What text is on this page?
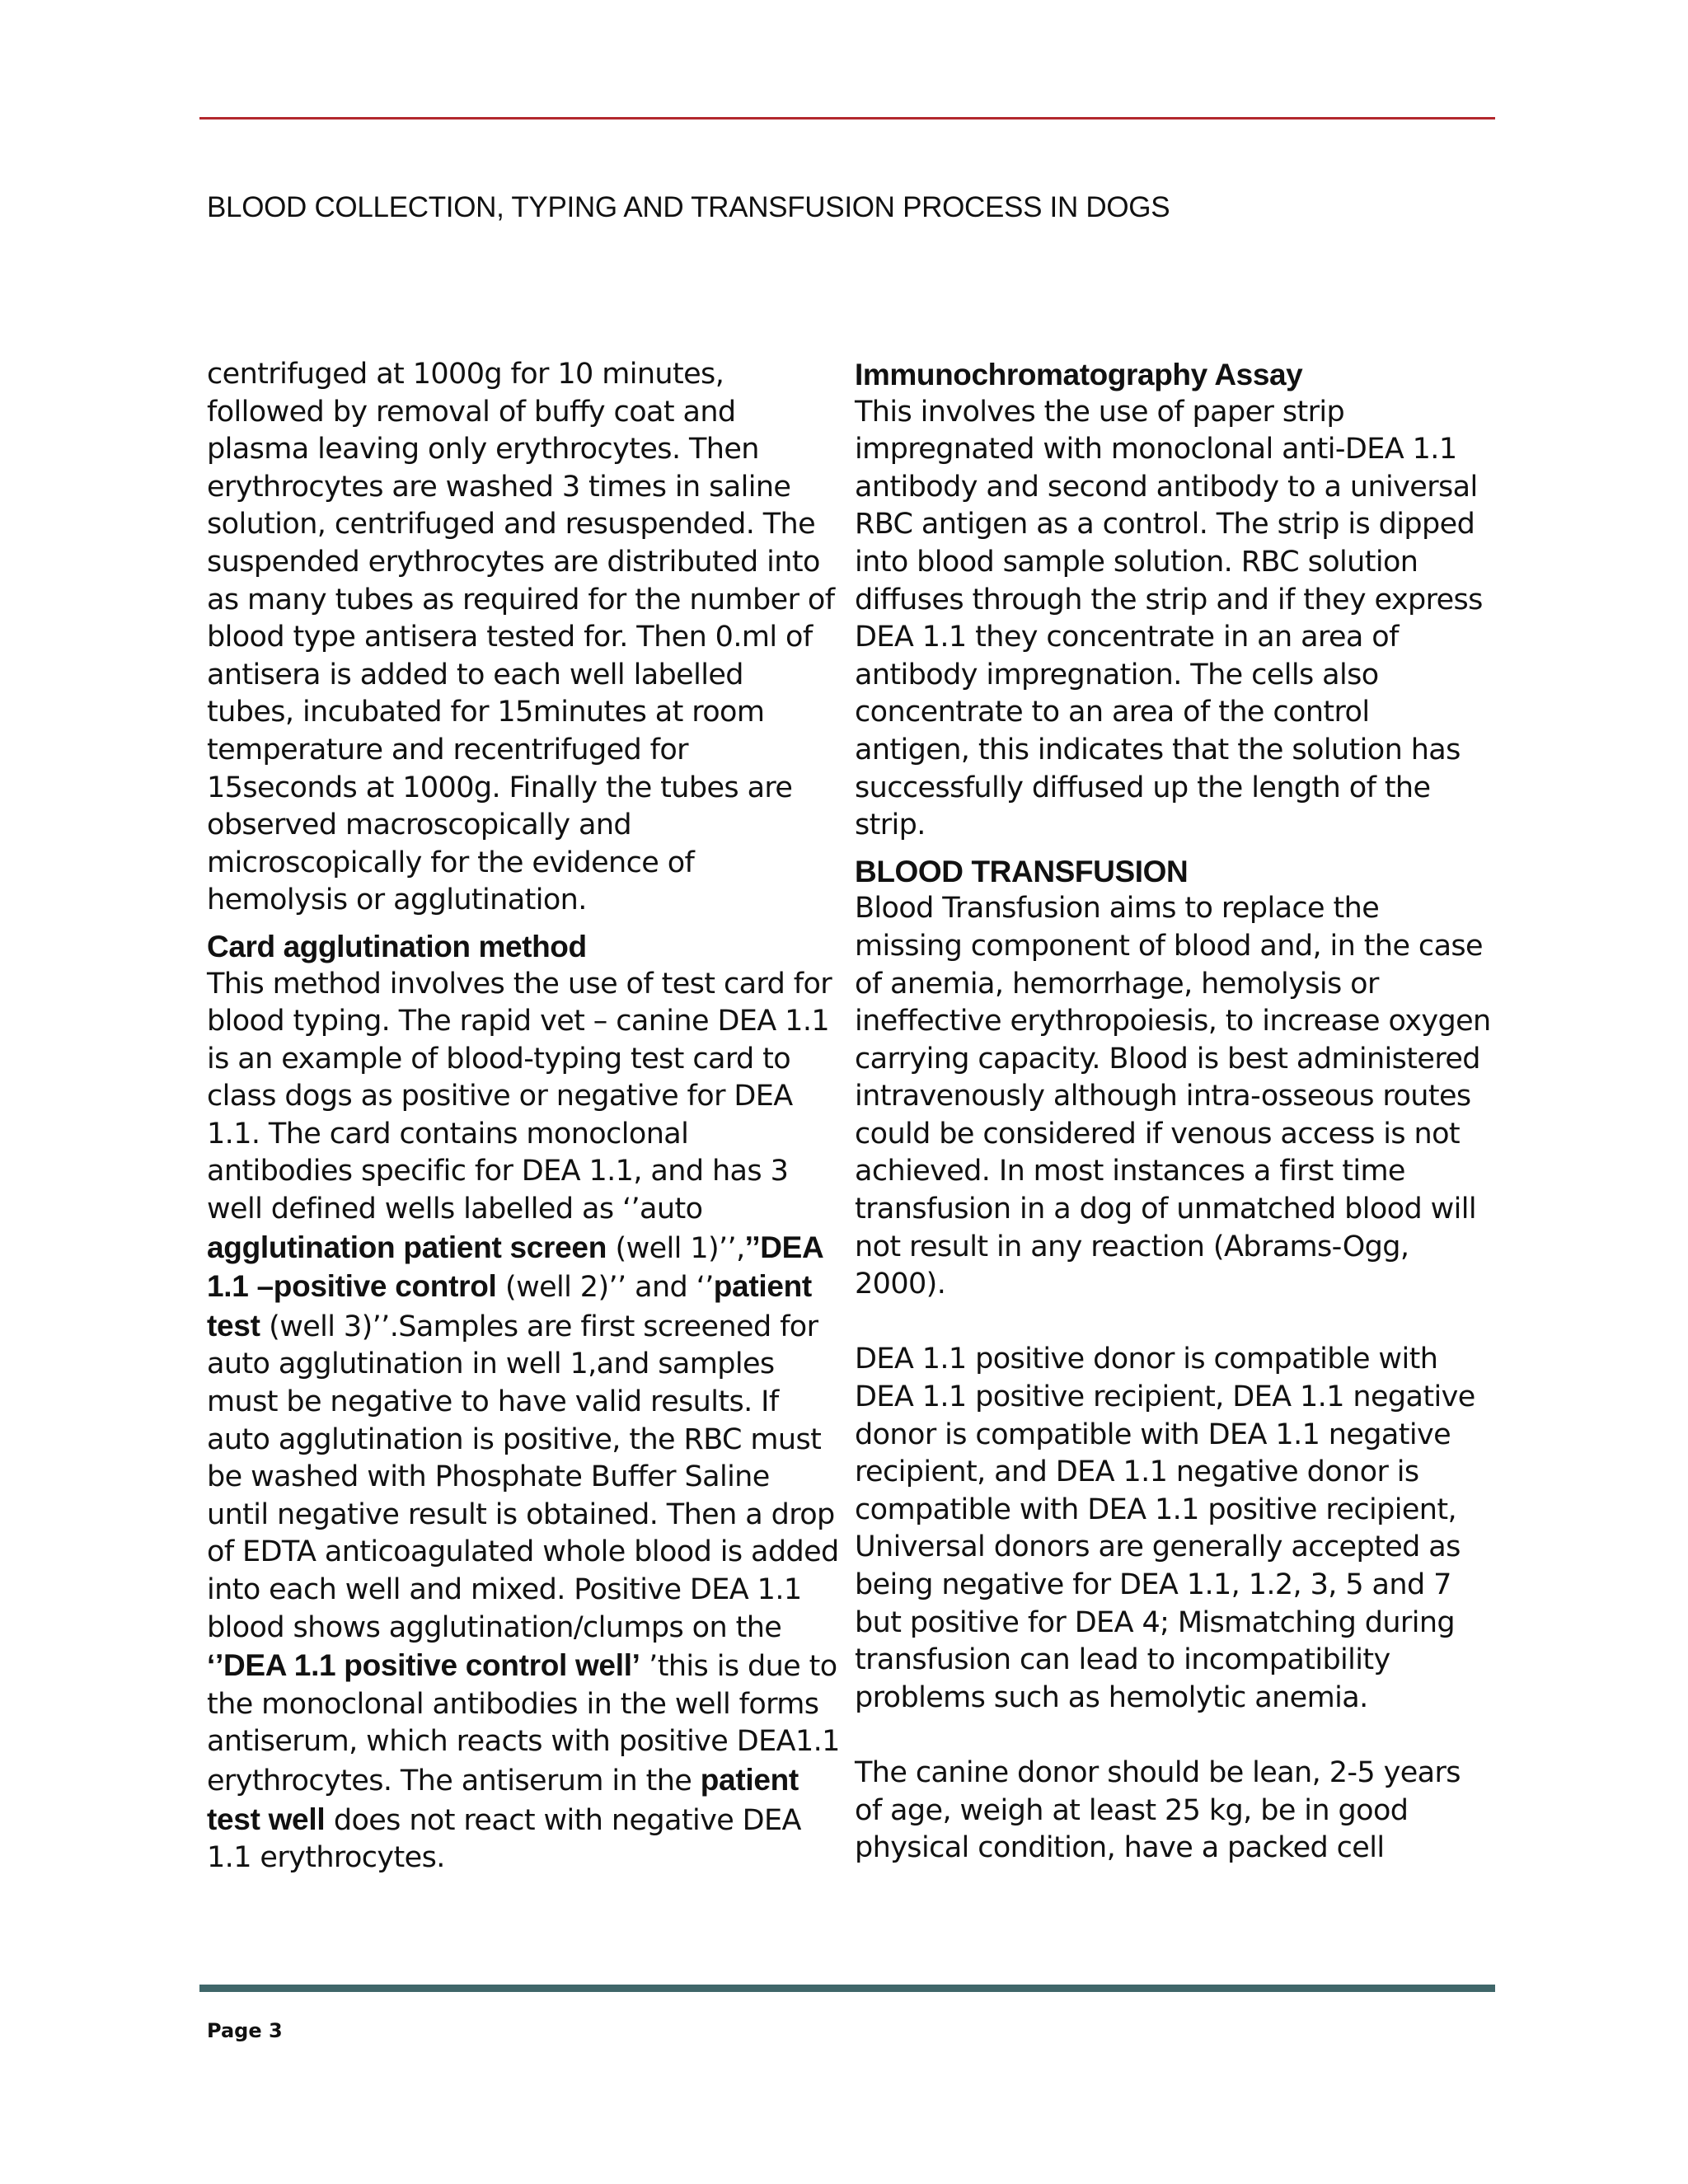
BLOOD COLLECTION, TYPING AND TRANSFUSION PROCESS IN DOGS
centrifuged at 1000g for 10 minutes,
followed by removal of buffy coat and
plasma leaving only erythrocytes. Then
erythrocytes are washed 3 times in saline
solution, centrifuged and resuspended. The
suspended erythrocytes are distributed into
as many tubes as required for the number of
blood type antisera tested for. Then 0.ml of
antisera is added to each well labelled
tubes, incubated for 15minutes at room
temperature and recentrifuged for
15seconds at 1000g. Finally the tubes are
observed macroscopically and
microscopically for the evidence of
hemolysis or agglutination.
Card agglutination method
This method involves the use of test card for
blood typing. The rapid vet – canine DEA 1.1
is an example of blood-typing test card to
class dogs as positive or negative for DEA
1.1. The card contains monoclonal
antibodies specific for DEA 1.1, and has 3
well defined wells labelled as ‘’auto
agglutination patient screen (well 1)’’,’’DEA
1.1 –positive control (well 2)’’ and ‘’patient
test (well 3)’’.Samples are first screened for
auto agglutination in well 1,and samples
must be negative to have valid results. If
auto agglutination is positive, the RBC must
be washed with Phosphate Buffer Saline
until negative result is obtained. Then a drop
of EDTA anticoagulated whole blood is added
into each well and mixed. Positive DEA 1.1
blood shows agglutination/clumps on the
‘’DEA 1.1 positive control well’ ’this is due to
the monoclonal antibodies in the well forms
antiserum, which reacts with positive DEA1.1
erythrocytes. The antiserum in the patient
test well does not react with negative DEA
1.1 erythrocytes.
Immunochromatography Assay
This involves the use of paper strip
impregnated with monoclonal anti-DEA 1.1
antibody and second antibody to a universal
RBC antigen as a control. The strip is dipped
into blood sample solution. RBC solution
diffuses through the strip and if they express
DEA 1.1 they concentrate in an area of
antibody impregnation. The cells also
concentrate to an area of the control
antigen, this indicates that the solution has
successfully diffused up the length of the
strip.
BLOOD TRANSFUSION
Blood Transfusion aims to replace the
missing component of blood and, in the case
of anemia, hemorrhage, hemolysis or
ineffective erythropoiesis, to increase oxygen
carrying capacity. Blood is best administered
intravenously although intra-osseous routes
could be considered if venous access is not
achieved. In most instances a first time
transfusion in a dog of unmatched blood will
not result in any reaction (Abrams-Ogg,
2000).
DEA 1.1 positive donor is compatible with
DEA 1.1 positive recipient, DEA 1.1 negative
donor is compatible with DEA 1.1 negative
recipient, and DEA 1.1 negative donor is
compatible with DEA 1.1 positive recipient,
Universal donors are generally accepted as
being negative for DEA 1.1, 1.2, 3, 5 and 7
but positive for DEA 4; Mismatching during
transfusion can lead to incompatibility
problems such as hemolytic anemia.
The canine donor should be lean, 2-5 years
of age, weigh at least 25 kg, be in good
physical condition, have a packed cell
Page 3
